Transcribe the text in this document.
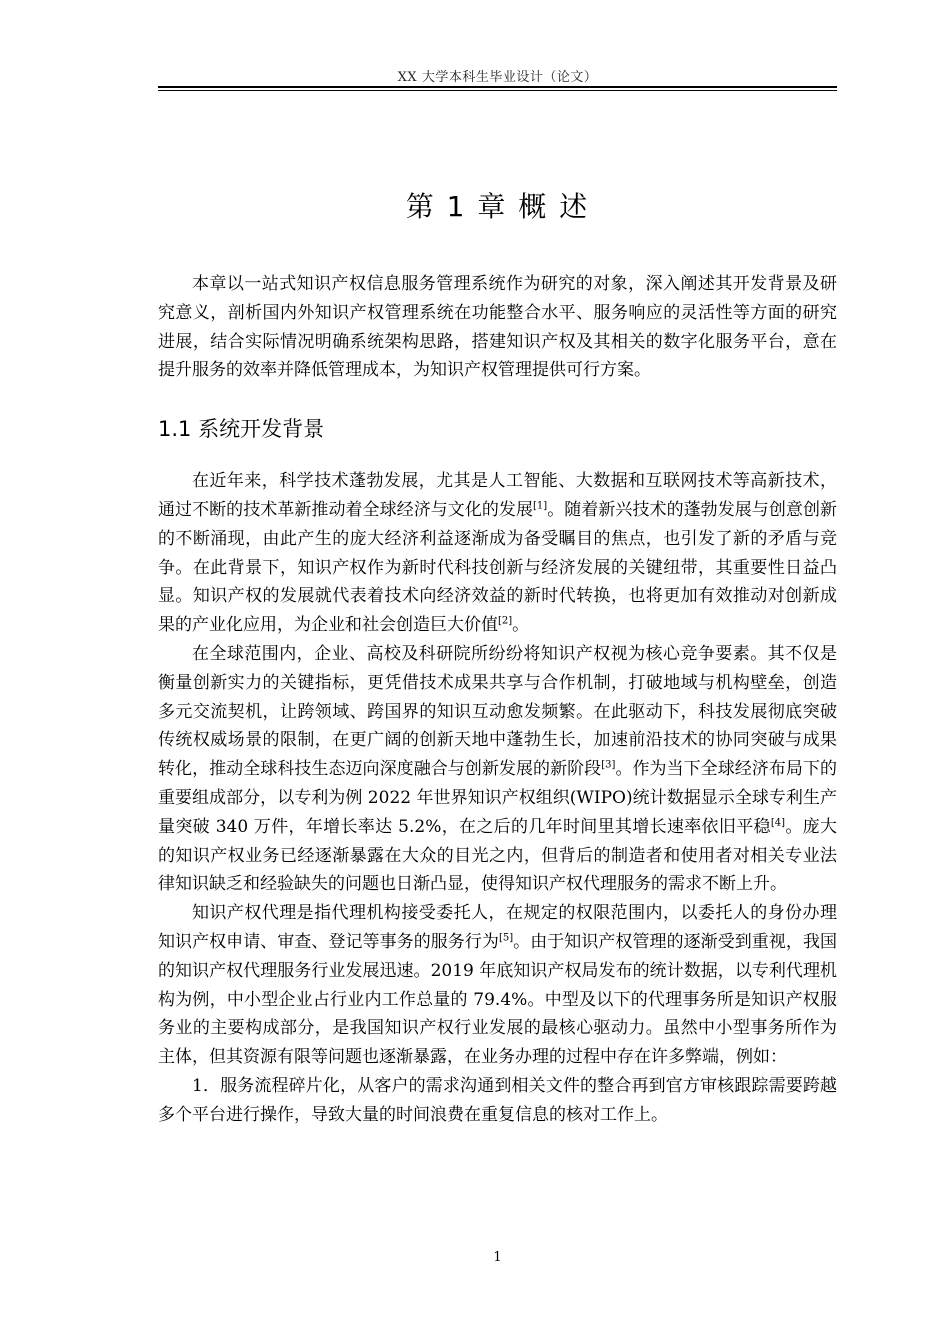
XX 大学本科生毕业设计（论文）
第 1 章 概 述

本章以一站式知识产权信息服务管理系统作为研究的对象，深入阐述其开发背景及研究意义，剖析国内外知识产权管理系统在功能整合水平、服务响应的灵活性等方面的研究进展，结合实际情况明确系统架构思路，搭建知识产权及其相关的数字化服务平台，意在提升服务的效率并降低管理成本，为知识产权管理提供可行方案。

1.1 系统开发背景

在近年来，科学技术蓬勃发展，尤其是人工智能、大数据和互联网技术等高新技术，通过不断的技术革新推动着全球经济与文化的发展[1]。随着新兴技术的蓬勃发展与创意创新的不断涌现，由此产生的庞大经济利益逐渐成为备受瞩目的焦点，也引发了新的矛盾与竞争。在此背景下，知识产权作为新时代科技创新与经济发展的关键纽带，其重要性日益凸显。知识产权的发展就代表着技术向经济效益的新时代转换，也将更加有效推动对创新成果的产业化应用，为企业和社会创造巨大价值[2]。

在全球范围内，企业、高校及科研院所纷纷将知识产权视为核心竞争要素。其不仅是衡量创新实力的关键指标，更凭借技术成果共享与合作机制，打破地域与机构壁垒，创造多元交流契机，让跨领域、跨国界的知识互动愈发频繁。在此驱动下，科技发展彻底突破传统权威场景的限制，在更广阔的创新天地中蓬勃生长，加速前沿技术的协同突破与成果转化，推动全球科技生态迈向深度融合与创新发展的新阶段[3]。作为当下全球经济布局下的重要组成部分，以专利为例 2022 年世界知识产权组织(WIPO)统计数据显示全球专利生产量突破 340 万件，年增长率达 5.2%，在之后的几年时间里其增长速率依旧平稳[4]。庞大的知识产权业务已经逐渐暴露在大众的目光之内，但背后的制造者和使用者对相关专业法律知识缺乏和经验缺失的问题也日渐凸显，使得知识产权代理服务的需求不断上升。

知识产权代理是指代理机构接受委托人，在规定的权限范围内，以委托人的身份办理知识产权申请、审查、登记等事务的服务行为[5]。由于知识产权管理的逐渐受到重视，我国的知识产权代理服务行业发展迅速。2019 年底知识产权局发布的统计数据，以专利代理机构为例，中小型企业占行业内工作总量的 79.4%。中型及以下的代理事务所是知识产权服务业的主要构成部分，是我国知识产权行业发展的最核心驱动力。虽然中小型事务所作为主体，但其资源有限等问题也逐渐暴露，在业务办理的过程中存在许多弊端，例如：

1．服务流程碎片化，从客户的需求沟通到相关文件的整合再到官方审核跟踪需要跨越多个平台进行操作，导致大量的时间浪费在重复信息的核对工作上。

1
